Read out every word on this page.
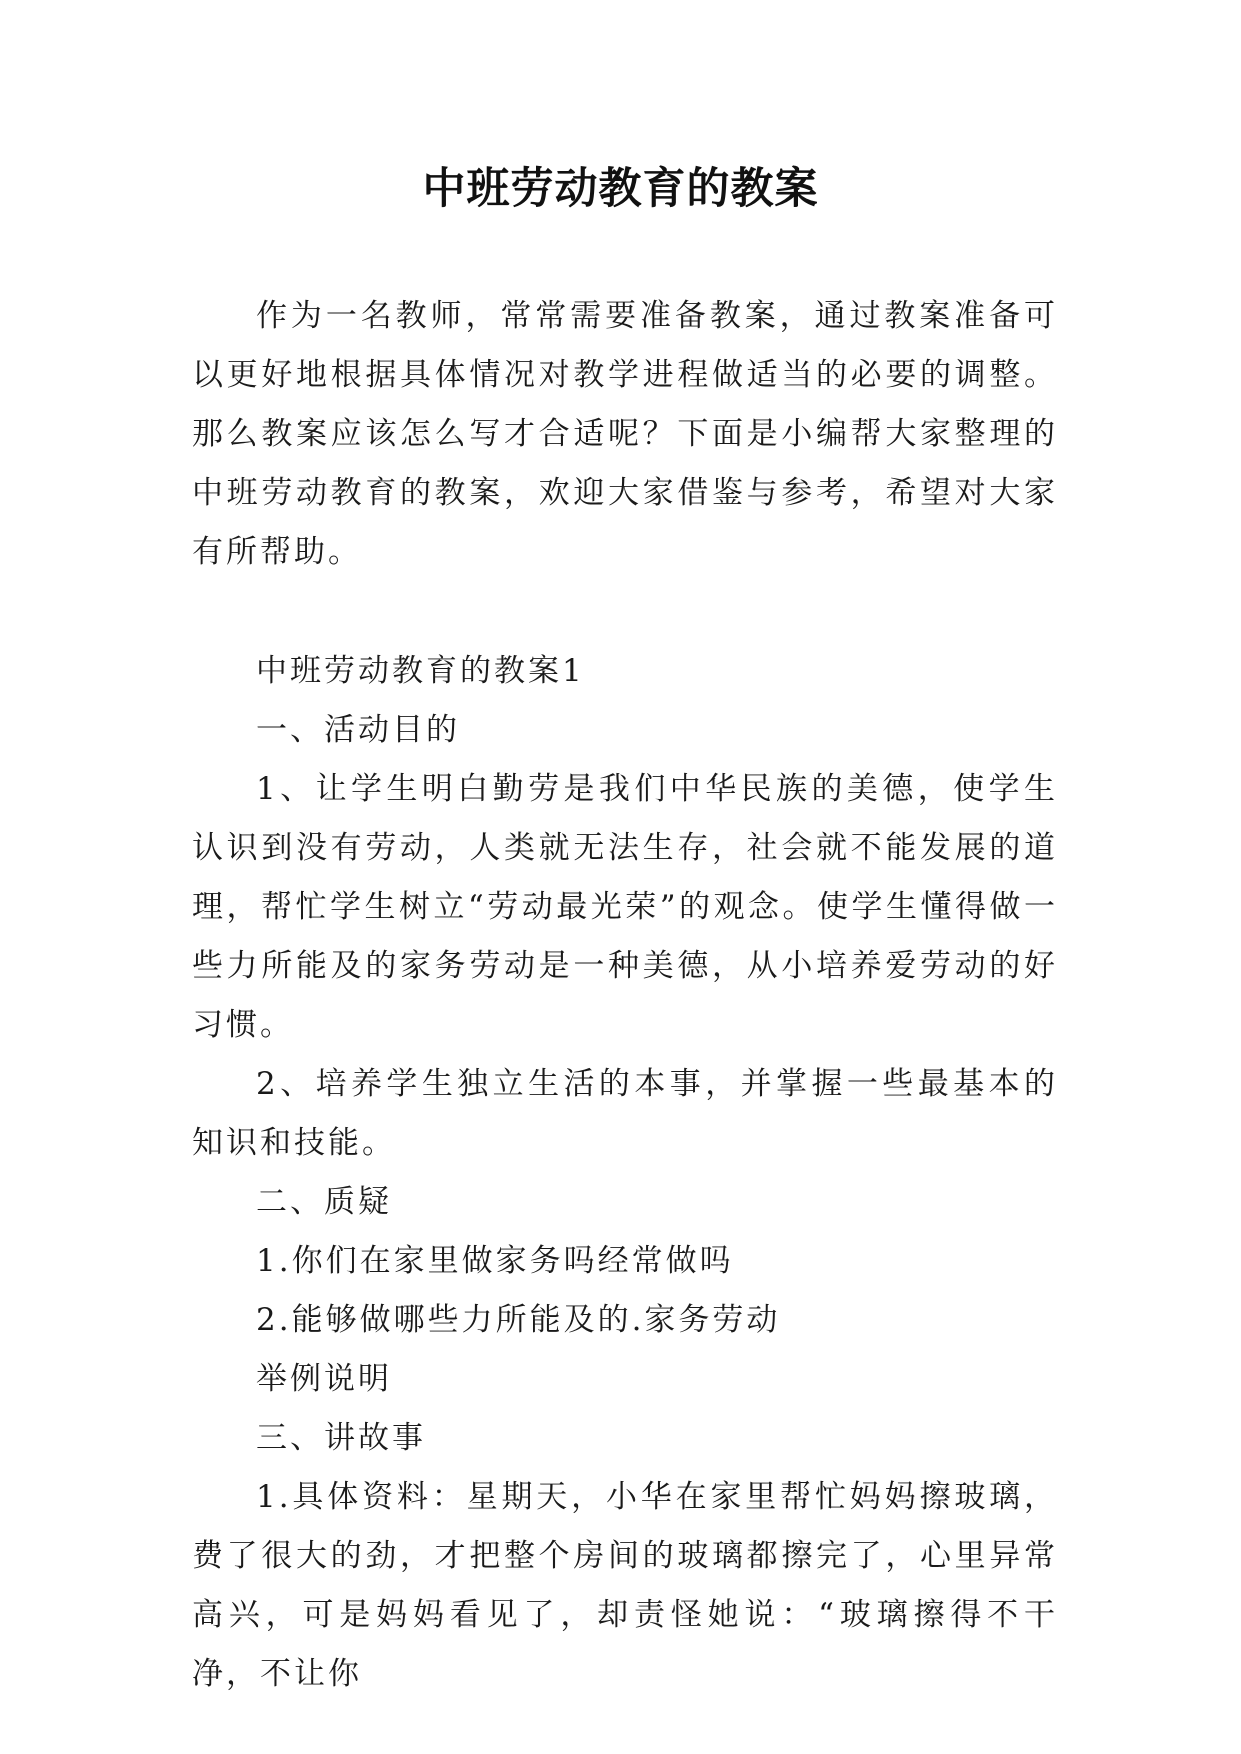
中班劳动教育的教案

作为一名教师，常常需要准备教案，通过教案准备可以更好地根据具体情况对教学进程做适当的必要的调整。那么教案应该怎么写才合适呢？下面是小编帮大家整理的中班劳动教育的教案，欢迎大家借鉴与参考，希望对大家有所帮助。

中班劳动教育的教案1

一、活动目的

1、让学生明白勤劳是我们中华民族的美德，使学生认识到没有劳动，人类就无法生存，社会就不能发展的道理，帮忙学生树立“劳动最光荣”的观念。使学生懂得做一些力所能及的家务劳动是一种美德，从小培养爱劳动的好习惯。

2、培养学生独立生活的本事，并掌握一些最基本的知识和技能。

二、质疑

1.你们在家里做家务吗经常做吗

2.能够做哪些力所能及的.家务劳动

举例说明

三、讲故事

1.具体资料：星期天，小华在家里帮忙妈妈擦玻璃，费了很大的劲，才把整个房间的玻璃都擦完了，心里异常高兴，可是妈妈看见了，却责怪她说：“玻璃擦得不干净，不让你
